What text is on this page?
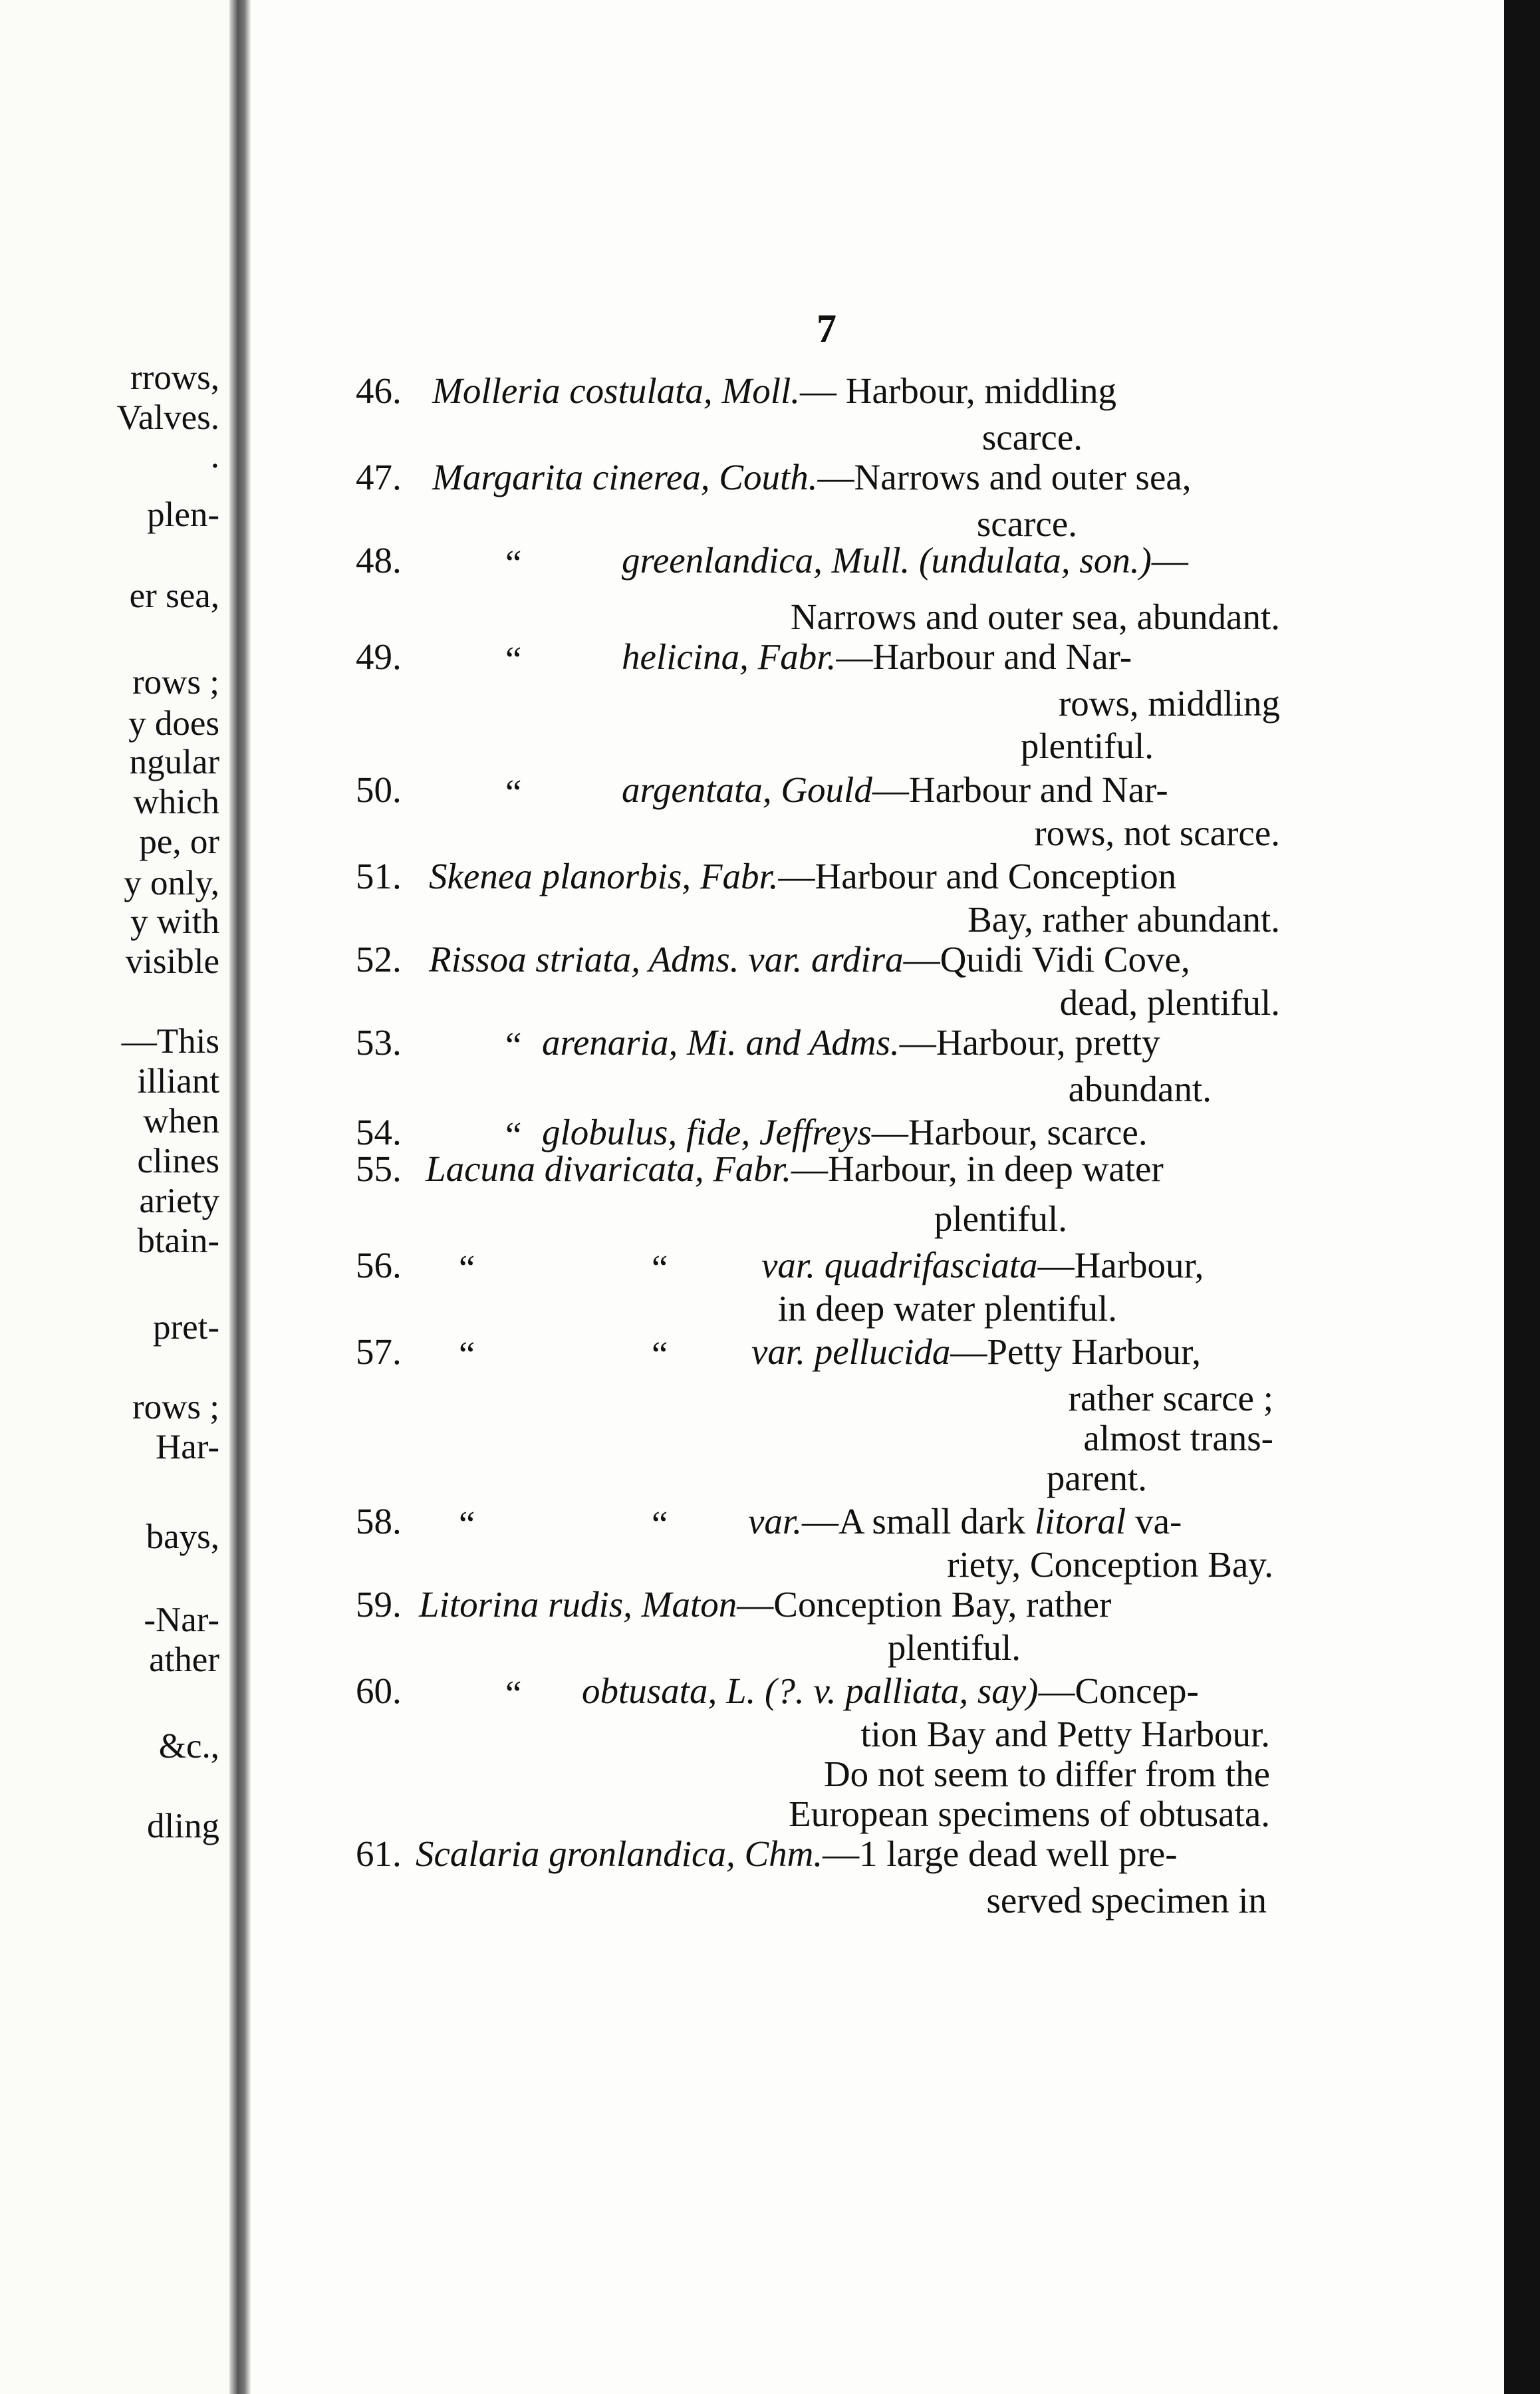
rrows,
Valves.
.
plen-
er sea,
rows ;
y does
ngular
which
pe, or
y only,
y with
visible
—This
illiant
when
clines
ariety
btain-
pret-
rows ;
Har-
bays,
-Nar-
ather
&c.,
dling
7
46. Molleria costulata, Moll.— Harbour, middling
scarce.
47. Margarita cinerea, Couth.—Narrows and outer sea,
scarce.
48.	“	greenlandica, Mull. (undulata, son.)—
Narrows and outer sea, abundant.
49.	“	helicina, Fabr.—Harbour and Nar-
rows, middling
plentiful.
50.	“	argentata, Gould—Harbour and Nar-
rows, not scarce.
51. Skenea planorbis, Fabr.—Harbour and Conception
Bay, rather abundant.
52. Rissoa striata, Adms. var. ardira—Quidi Vidi Cove,
dead, plentiful.
53.	“ arenaria, Mi. and Adms.—Harbour, pretty
abundant.
54.	“ globulus, fide, Jeffreys—Harbour, scarce.
55. Lacuna divaricata, Fabr.—Harbour, in deep water
plentiful.
56. “	“	var. quadrifasciata—Harbour,
in deep water plentiful.
57. “	“ var. pellucida—Petty Harbour,
rather scarce ;
almost trans-
parent.
58. “	“ var.—A small dark litoral va-
riety, Conception Bay.
59. Litorina rudis, Maton—Conception Bay, rather
plentiful.
60.	“ obtusata, L. (?. v. palliata, say)—Concep-
tion Bay and Petty Harbour.
Do not seem to differ from the
European specimens of obtusata.
61. Scalaria gronlandica, Chm.—1 large dead well pre-
served specimen in
